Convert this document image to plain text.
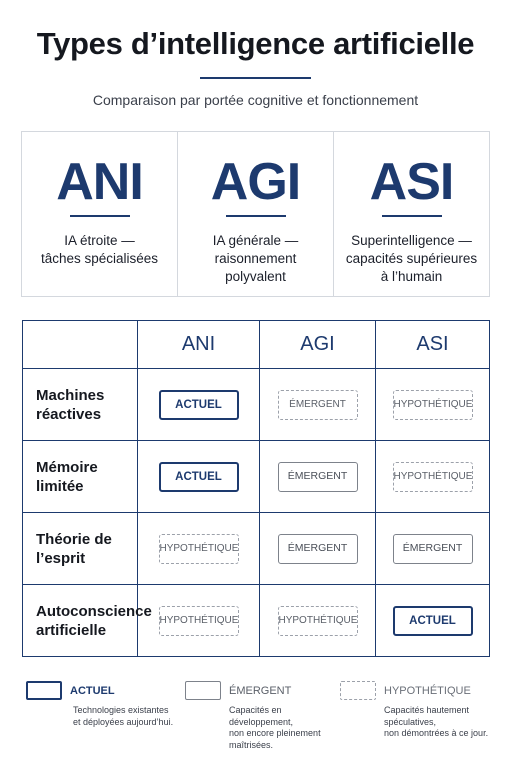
Types d’intelligence artificielle
Comparaison par portée cognitive et fonctionnement
ANI
IA étroite —
tâches spécialisées
AGI
IA générale —
raisonnement
polyvalent
ASI
Superintelligence —
capacités supérieures
à l’humain
	ANI	AGI	ASI

Machines
réactives	ACTUEL	ÉMERGENT	HYPOTHÉTIQUE

Mémoire
limitée	ACTUEL	ÉMERGENT	HYPOTHÉTIQUE

Théorie de
l’esprit	HYPOTHÉTIQUE	ÉMERGENT	ÉMERGENT

Autoconscience
artificielle	HYPOTHÉTIQUE	HYPOTHÉTIQUE	ACTUEL
ACTUEL
Technologies existantes
et déployées aujourd’hui.
ÉMERGENT
Capacités en développement,
non encore pleinement
maîtrisées.
HYPOTHÉTIQUE
Capacités hautement spéculatives,
non démontrées à ce jour.
